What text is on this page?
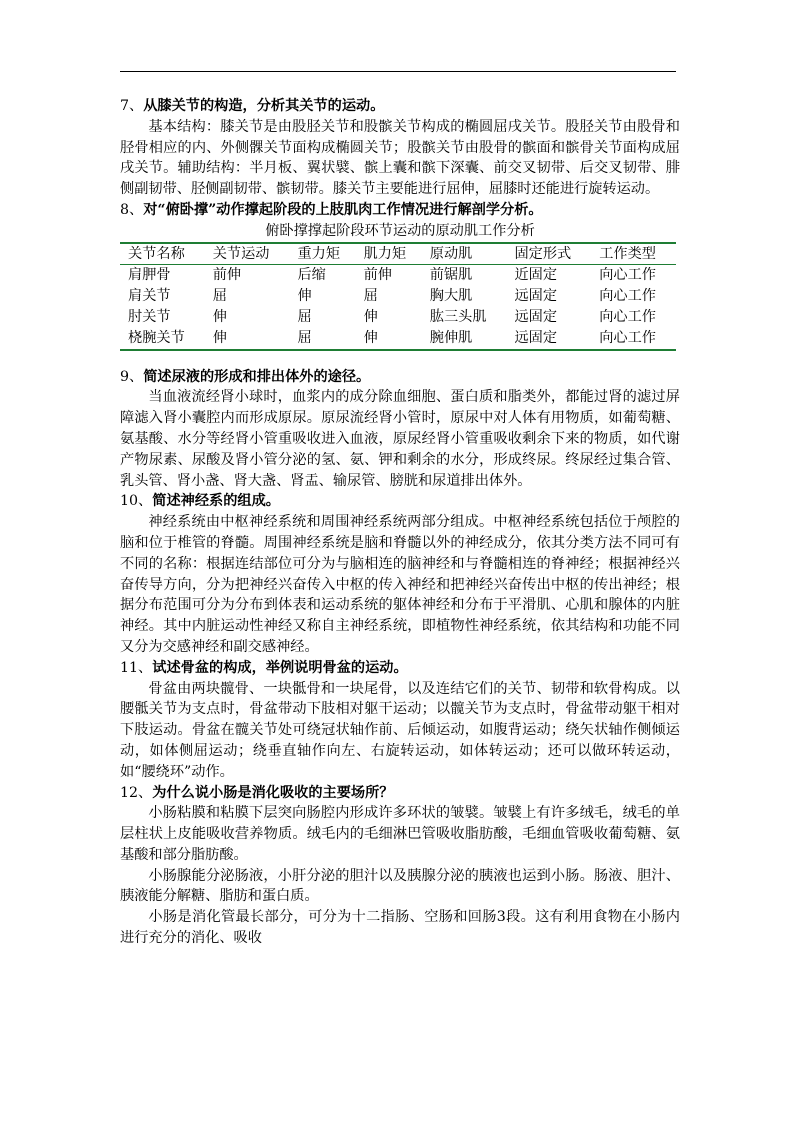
7、从膝关节的构造，分析其关节的运动。

基本结构：膝关节是由股胫关节和股髌关节构成的椭圆屈戌关节。股胫关节由股骨和胫骨相应的内、外侧髁关节面构成椭圆关节；股髌关节由股骨的髌面和髌骨关节面构成屈戌关节。辅助结构：半月板、翼状襞、髌上囊和髌下深囊、前交叉韧带、后交叉韧带、腓侧副韧带、胫侧副韧带、髌韧带。膝关节主要能进行屈伸，屈膝时还能进行旋转运动。

8、对“俯卧撑”动作撑起阶段的上肢肌肉工作情况进行解剖学分析。

俯卧撑撑起阶段环节运动的原动肌工作分析

关节名称	关节运动	重力矩	肌力矩	原动肌	固定形式	工作类型
肩胛骨	前伸	后缩	前伸	前锯肌	近固定	向心工作
肩关节	屈	伸	屈	胸大肌	远固定	向心工作
肘关节	伸	屈	伸	肱三头肌	远固定	向心工作
桡腕关节	伸	屈	伸	腕伸肌	远固定	向心工作

9、简述尿液的形成和排出体外的途径。

当血液流经肾小球时，血浆内的成分除血细胞、蛋白质和脂类外，都能过肾的滤过屏障滤入肾小囊腔内而形成原尿。原尿流经肾小管时，原尿中对人体有用物质，如葡萄糖、氨基酸、水分等经肾小管重吸收进入血液，原尿经肾小管重吸收剩余下来的物质，如代谢产物尿素、尿酸及肾小管分泌的氢、氨、钾和剩余的水分，形成终尿。终尿经过集合管、乳头管、肾小盏、肾大盏、肾盂、输尿管、膀胱和尿道排出体外。

10、简述神经系的组成。

神经系统由中枢神经系统和周围神经系统两部分组成。中枢神经系统包括位于颅腔的脑和位于椎管的脊髓。周围神经系统是脑和脊髓以外的神经成分，依其分类方法不同可有不同的名称：根据连结部位可分为与脑相连的脑神经和与脊髓相连的脊神经；根据神经兴奋传导方向，分为把神经兴奋传入中枢的传入神经和把神经兴奋传出中枢的传出神经；根据分布范围可分为分布到体表和运动系统的躯体神经和分布于平滑肌、心肌和腺体的内脏神经。其中内脏运动性神经又称自主神经系统，即植物性神经系统，依其结构和功能不同又分为交感神经和副交感神经。

11、试述骨盆的构成，举例说明骨盆的运动。

骨盆由两块髋骨、一块骶骨和一块尾骨，以及连结它们的关节、韧带和软骨构成。以腰骶关节为支点时，骨盆带动下肢相对躯干运动；以髋关节为支点时，骨盆带动躯干相对下肢运动。骨盆在髋关节处可绕冠状轴作前、后倾运动，如腹背运动；绕矢状轴作侧倾运动，如体侧屈运动；绕垂直轴作向左、右旋转运动，如体转运动；还可以做环转运动，如“腰绕环”动作。

12、为什么说小肠是消化吸收的主要场所？

小肠粘膜和粘膜下层突向肠腔内形成许多环状的皱襞。皱襞上有许多绒毛，绒毛的单层柱状上皮能吸收营养物质。绒毛内的毛细淋巴管吸收脂肪酸，毛细血管吸收葡萄糖、氨基酸和部分脂肪酸。

小肠腺能分泌肠液，小肝分泌的胆汁以及胰腺分泌的胰液也运到小肠。肠液、胆汁、胰液能分解糖、脂肪和蛋白质。

小肠是消化管最长部分，可分为十二指肠、空肠和回肠3段。这有利用食物在小肠内进行充分的消化、吸收
